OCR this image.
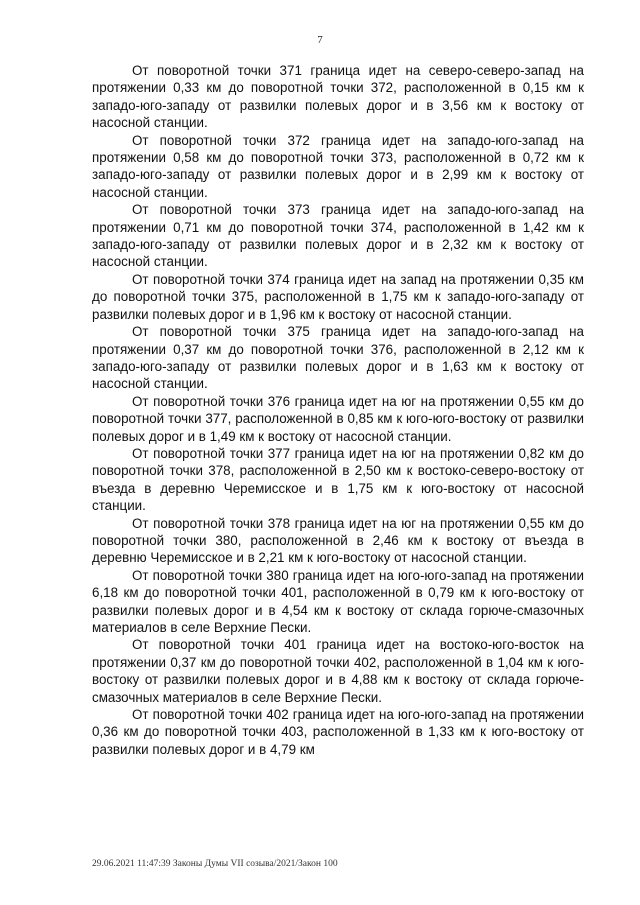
7

От поворотной точки 371 граница идет на северо-северо-запад на протяжении 0,33 км до поворотной точки 372, расположенной в 0,15 км к западо-юго-западу от развилки полевых дорог и в 3,56 км к востоку от насосной станции.

От поворотной точки 372 граница идет на западо-юго-запад на протяжении 0,58 км до поворотной точки 373, расположенной в 0,72 км к западо-юго-западу от развилки полевых дорог и в 2,99 км к востоку от насосной станции.

От поворотной точки 373 граница идет на западо-юго-запад на протяжении 0,71 км до поворотной точки 374, расположенной в 1,42 км к западо-юго-западу от развилки полевых дорог и в 2,32 км к востоку от насосной станции.

От поворотной точки 374 граница идет на запад на протяжении 0,35 км до поворотной точки 375, расположенной в 1,75 км к западо-юго-западу от развилки полевых дорог и в 1,96 км к востоку от насосной станции.

От поворотной точки 375 граница идет на западо-юго-запад на протяжении 0,37 км до поворотной точки 376, расположенной в 2,12 км к западо-юго-западу от развилки полевых дорог и в 1,63 км к востоку от насосной станции.

От поворотной точки 376 граница идет на юг на протяжении 0,55 км до поворотной точки 377, расположенной в 0,85 км к юго-юго-востоку от развилки полевых дорог и в 1,49 км к востоку от насосной станции.

От поворотной точки 377 граница идет на юг на протяжении 0,82 км до поворотной точки 378, расположенной в 2,50 км к востоко-северо-востоку от въезда в деревню Черемисское и в 1,75 км к юго-востоку от насосной станции.

От поворотной точки 378 граница идет на юг на протяжении 0,55 км до поворотной точки 380, расположенной в 2,46 км к востоку от въезда в деревню Черемисское и в 2,21 км к юго-востоку от насосной станции.

От поворотной точки 380 граница идет на юго-юго-запад на протяжении 6,18 км до поворотной точки 401, расположенной в 0,79 км к юго-востоку от развилки полевых дорог и в 4,54 км к востоку от склада горюче-смазочных материалов в селе Верхние Пески.

От поворотной точки 401 граница идет на востоко-юго-восток на протяжении 0,37 км до поворотной точки 402, расположенной в 1,04 км к юго-востоку от развилки полевых дорог и в 4,88 км к востоку от склада горюче-смазочных материалов в селе Верхние Пески.

От поворотной точки 402 граница идет на юго-юго-запад на протяжении 0,36 км до поворотной точки 403, расположенной в 1,33 км к юго-востоку от развилки полевых дорог и в 4,79 км

29.06.2021 11:47:39 Законы Думы VII созыва/2021/Закон 100
